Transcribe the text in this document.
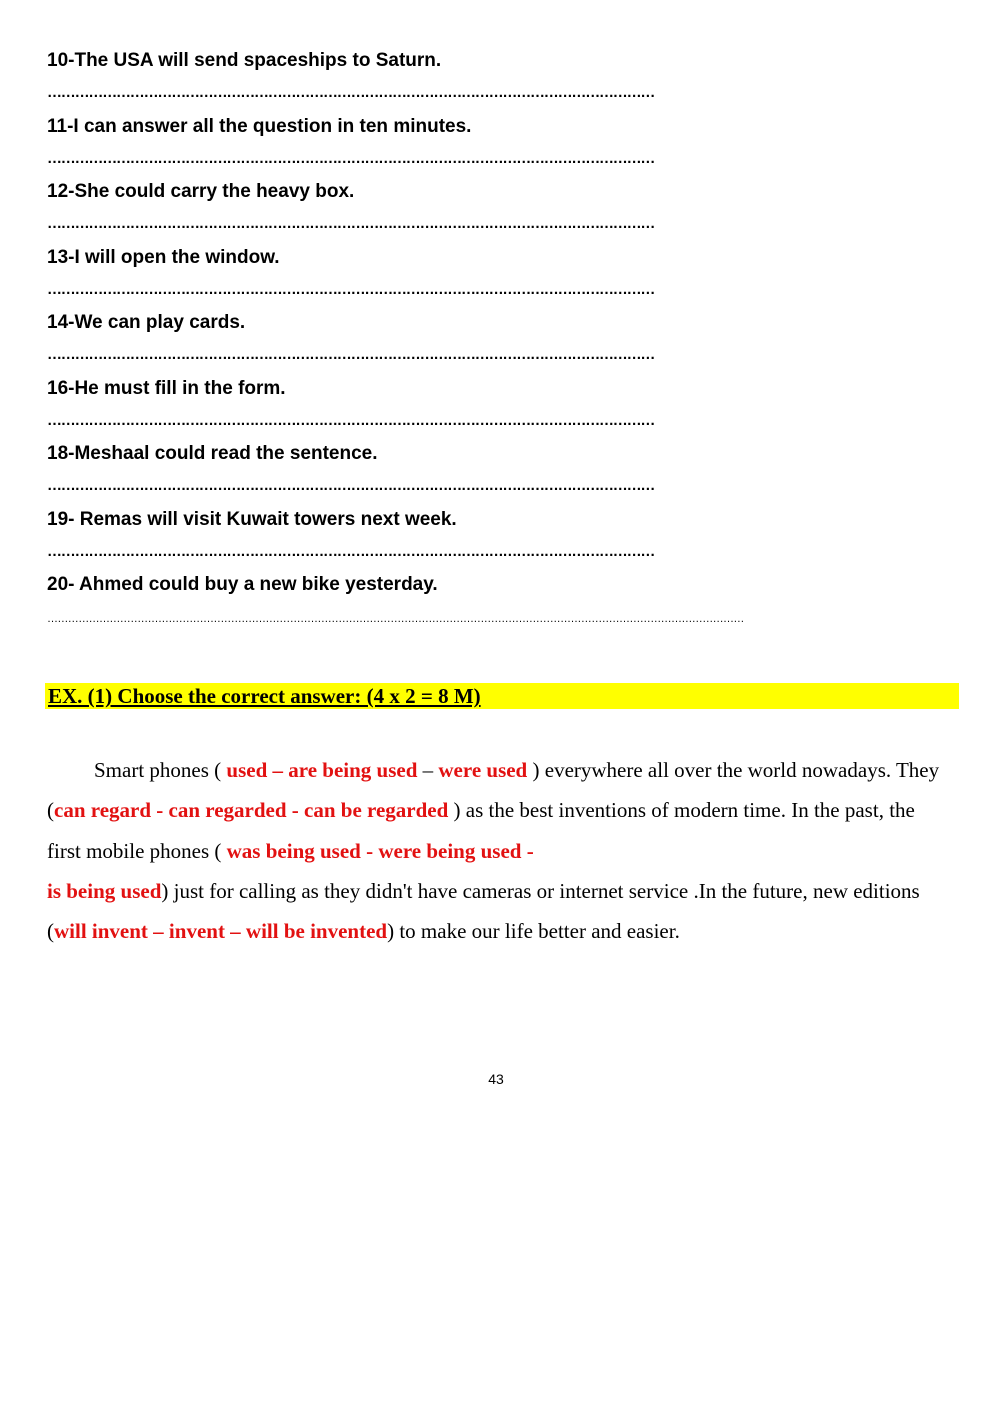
10-The USA will send spaceships to Saturn.
……………………………………………………………………………………………………………………
11-I can answer all the question in ten minutes.
……………………………………………………………………………………………………………………
12-She could carry the heavy box.
……………………………………………………………………………………………………………………
13-I will open the window.
……………………………………………………………………………………………………………………
14-We can play cards.
……………………………………………………………………………………………………………………
16-He must fill in the form.
……………………………………………………………………………………………………………………
18-Meshaal could read the sentence.
……………………………………………………………………………………………………………………
19- Remas will visit Kuwait towers next week.
……………………………………………………………………………………………………………………
20- Ahmed could buy a new bike yesterday.
…………………………………………………………………………………………………………………………………………………………………………………
EX. (1) Choose the correct answer: (4 x 2 = 8 M)
Smart phones ( used – are being used – were used ) everywhere all over the world nowadays. They (can regard - can regarded - can be regarded ) as the best inventions of modern time. In the past, the first mobile phones ( was being used - were being used -
is being used) just for calling as they didn't have cameras or internet service .In the future, new editions (will invent – invent – will be invented) to make our life better and easier.
43
